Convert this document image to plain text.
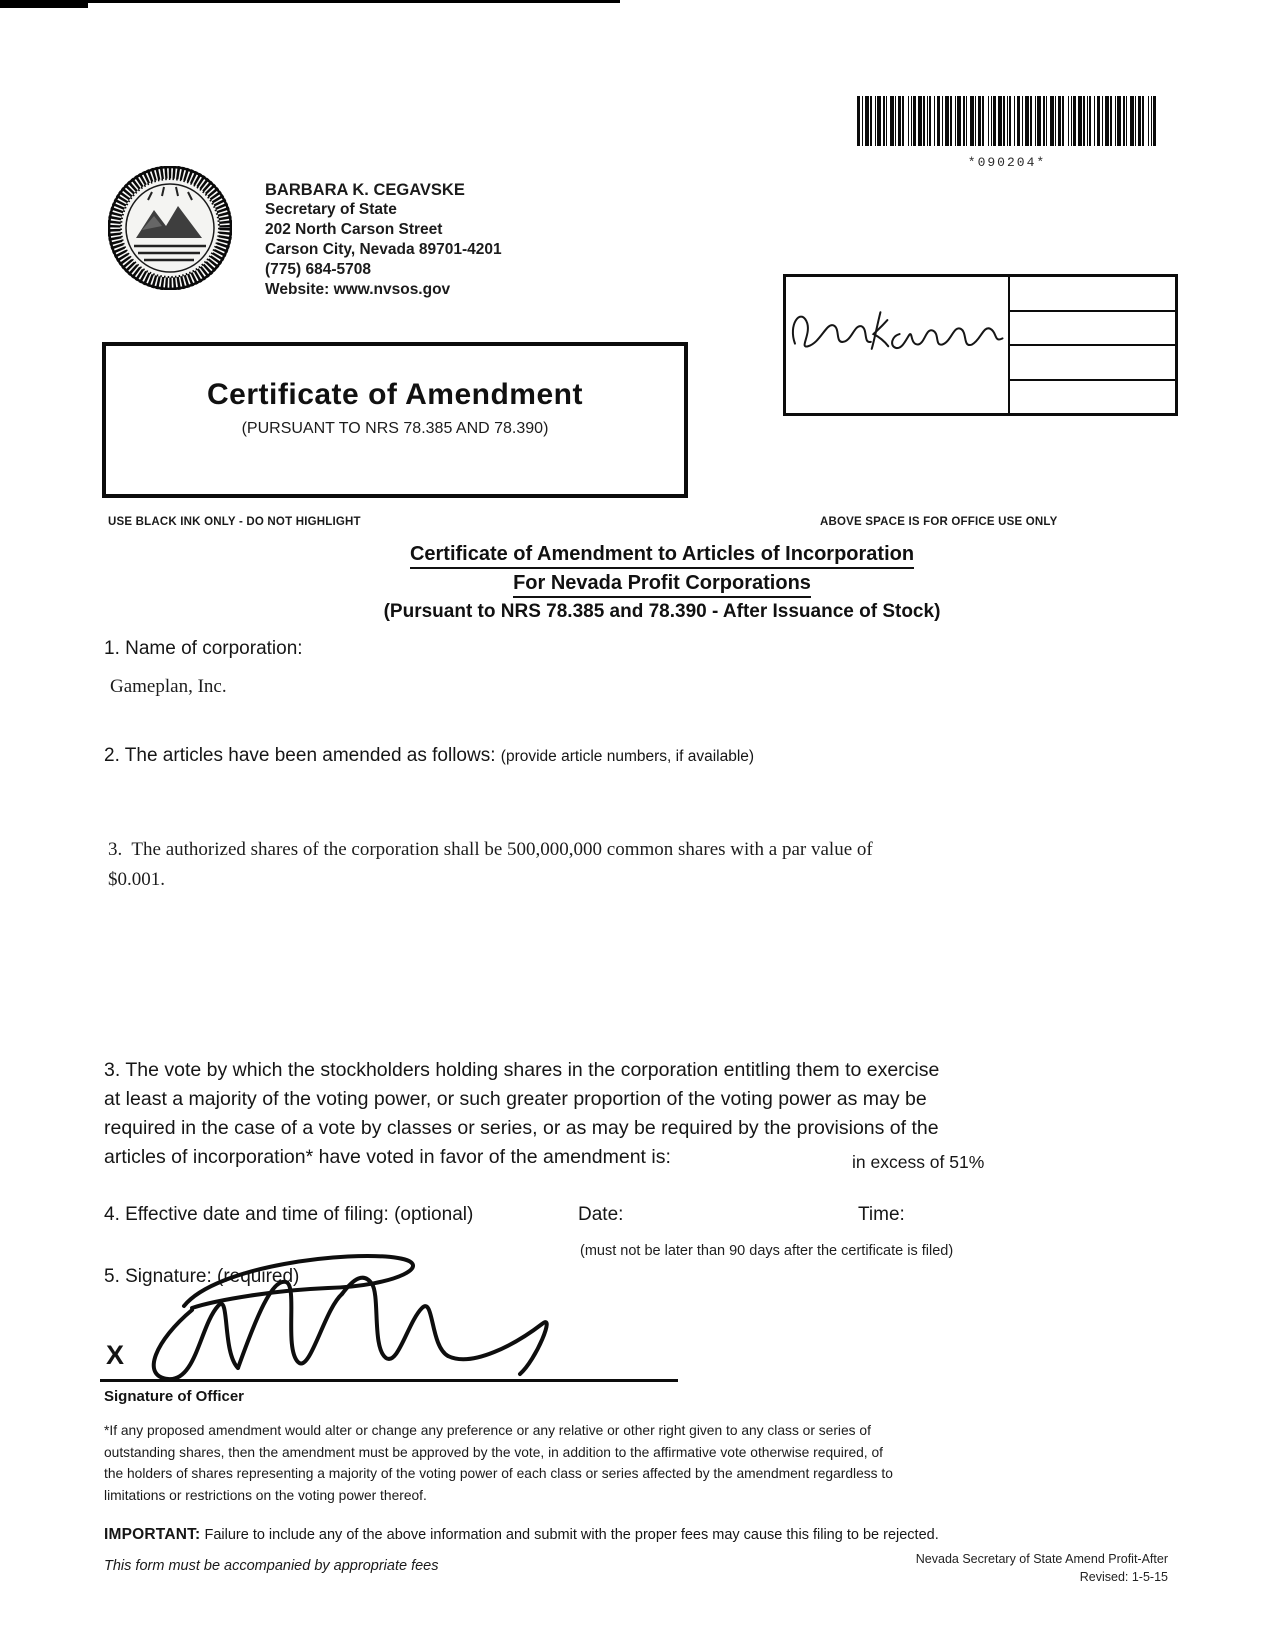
*090204*
BARBARA K. CEGAVSKE
Secretary of State
202 North Carson Street
Carson City, Nevada 89701-4201
(775) 684-5708
Website: www.nvsos.gov
Certificate of Amendment
(PURSUANT TO NRS 78.385 AND 78.390)
USE BLACK INK ONLY - DO NOT HIGHLIGHT	ABOVE SPACE IS FOR OFFICE USE ONLY
Certificate of Amendment to Articles of Incorporation
For Nevada Profit Corporations
(Pursuant to NRS 78.385 and 78.390 - After Issuance of Stock)
1. Name of corporation:
Gameplan, Inc.
2. The articles have been amended as follows: (provide article numbers, if available)
3.  The authorized shares of the corporation shall be 500,000,000 common shares with a par value of
$0.001.
3. The vote by which the stockholders holding shares in the corporation entitling them to exercise
at least a majority of the voting power, or such greater proportion of the voting power as may be
required in the case of a vote by classes or series, or as may be required by the provisions of the
articles of incorporation* have voted in favor of the amendment is:	in excess of 51%
4. Effective date and time of filing: (optional)	Date:	Time:
(must not be later than 90 days after the certificate is filed)
5. Signature: (required)
X
Signature of Officer
*If any proposed amendment would alter or change any preference or any relative or other right given to any class or series of
outstanding shares, then the amendment must be approved by the vote, in addition to the affirmative vote otherwise required, of
the holders of shares representing a majority of the voting power of each class or series affected by the amendment regardless to
limitations or restrictions on the voting power thereof.
IMPORTANT: Failure to include any of the above information and submit with the proper fees may cause this filing to be rejected.
This form must be accompanied by appropriate fees	Nevada Secretary of State Amend Profit-After
Revised: 1-5-15
